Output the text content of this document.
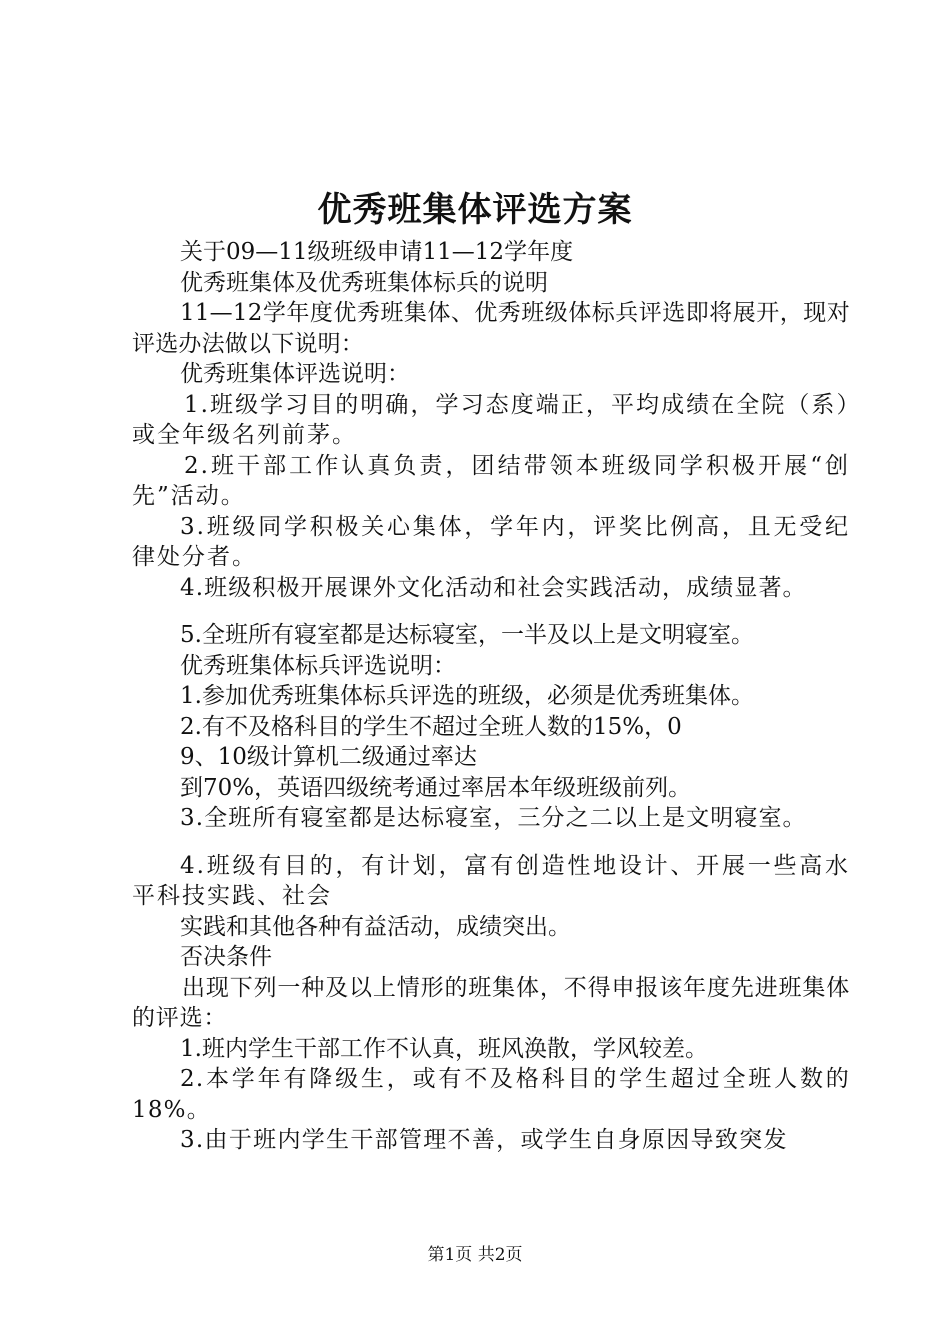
优秀班集体评选方案

关于09—11级班级申请11—12学年度

优秀班集体及优秀班集体标兵的说明

11—12学年度优秀班集体、优秀班级体标兵评选即将展开，现对评选办法做以下说明：

优秀班集体评选说明：

1.班级学习目的明确，学习态度端正，平均成绩在全院（系）或全年级名列前茅。

2.班干部工作认真负责，团结带领本班级同学积极开展“创先”活动。

3.班级同学积极关心集体，学年内，评奖比例高，且无受纪律处分者。

4.班级积极开展课外文化活动和社会实践活动，成绩显著。

5.全班所有寝室都是达标寝室，一半及以上是文明寝室。

优秀班集体标兵评选说明：

1.参加优秀班集体标兵评选的班级，必须是优秀班集体。

2.有不及格科目的学生不超过全班人数的15%，0

9、10级计算机二级通过率达

到70%，英语四级统考通过率居本年级班级前列。

3.全班所有寝室都是达标寝室，三分之二以上是文明寝室。

4.班级有目的，有计划，富有创造性地设计、开展一些高水平科技实践、社会

实践和其他各种有益活动，成绩突出。

否决条件

出现下列一种及以上情形的班集体，不得申报该年度先进班集体的评选：

1.班内学生干部工作不认真，班风涣散，学风较差。

2.本学年有降级生，或有不及格科目的学生超过全班人数的18%。

3.由于班内学生干部管理不善，或学生自身原因导致突发

第1页 共2页
